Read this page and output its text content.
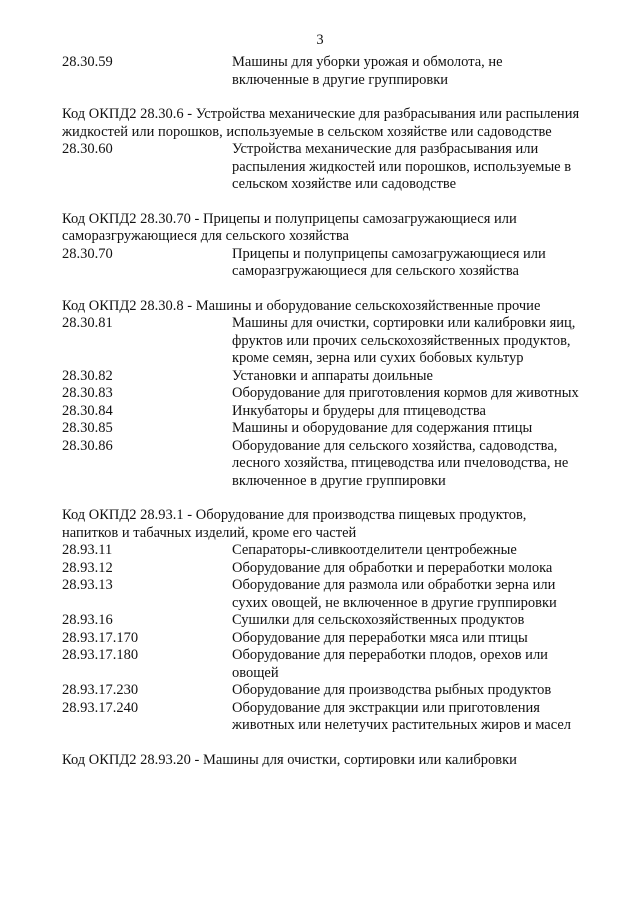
3
28.30.59	Машины для уборки урожая и обмолота, не включенные в другие группировки

Код ОКПД2 28.30.6 - Устройства механические для разбрасывания или распыления жидкостей или порошков, используемые в сельском хозяйстве или садоводстве

28.30.60	Устройства механические для разбрасывания или распыления жидкостей или порошков, используемые в сельском хозяйстве или садоводстве

Код ОКПД2 28.30.70 - Прицепы и полуприцепы самозагружающиеся или саморазгружающиеся для сельского хозяйства

28.30.70	Прицепы и полуприцепы самозагружающиеся или саморазгружающиеся для сельского хозяйства

Код ОКПД2 28.30.8 - Машины и оборудование сельскохозяйственные прочие

28.30.81	Машины для очистки, сортировки или калибровки яиц, фруктов или прочих сельскохозяйственных продуктов, кроме семян, зерна или сухих бобовых культур
28.30.82	Установки и аппараты доильные
28.30.83	Оборудование для приготовления кормов для животных
28.30.84	Инкубаторы и брудеры для птицеводства
28.30.85	Машины и оборудование для содержания птицы
28.30.86	Оборудование для сельского хозяйства, садоводства, лесного хозяйства, птицеводства или пчеловодства, не включенное в другие группировки

Код ОКПД2 28.93.1 - Оборудование для производства пищевых продуктов, напитков и табачных изделий, кроме его частей

28.93.11	Сепараторы-сливкоотделители центробежные
28.93.12	Оборудование для обработки и переработки молока
28.93.13	Оборудование для размола или обработки зерна или сухих овощей, не включенное в другие группировки
28.93.16	Сушилки для сельскохозяйственных продуктов
28.93.17.170	Оборудование для переработки мяса или птицы
28.93.17.180	Оборудование для переработки плодов, орехов или овощей
28.93.17.230	Оборудование для производства рыбных продуктов
28.93.17.240	Оборудование для экстракции или приготовления животных или нелетучих растительных жиров и масел

Код ОКПД2 28.93.20 - Машины для очистки, сортировки или калибровки
